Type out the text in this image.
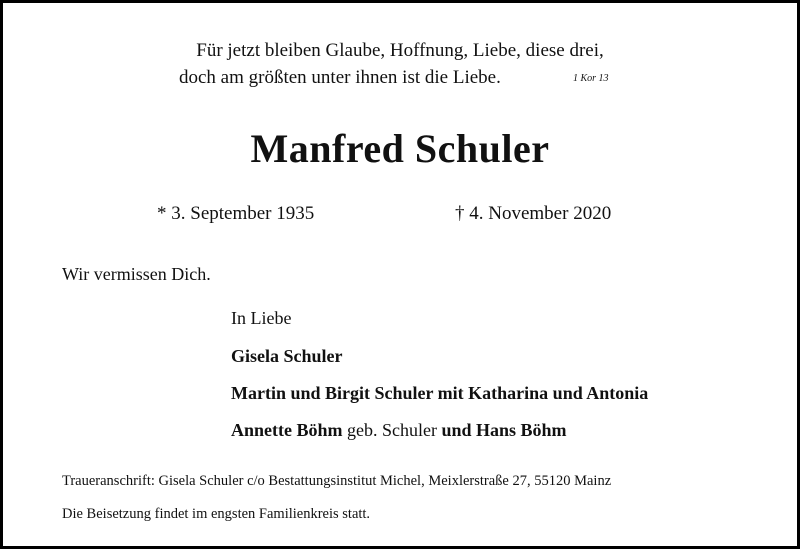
Für jetzt bleiben Glaube, Hoffnung, Liebe, diese drei,
doch am größten unter ihnen ist die Liebe.	1 Kor 13
Manfred Schuler
* 3. September 1935	† 4. November 2020
Wir vermissen Dich.
In Liebe
Gisela Schuler
Martin und Birgit Schuler mit Katharina und Antonia
Annette Böhm geb. Schuler und Hans Böhm
Traueranschrift: Gisela Schuler c/o Bestattungsinstitut Michel, Meixlerstraße 27, 55120 Mainz
Die Beisetzung findet im engsten Familienkreis statt.
